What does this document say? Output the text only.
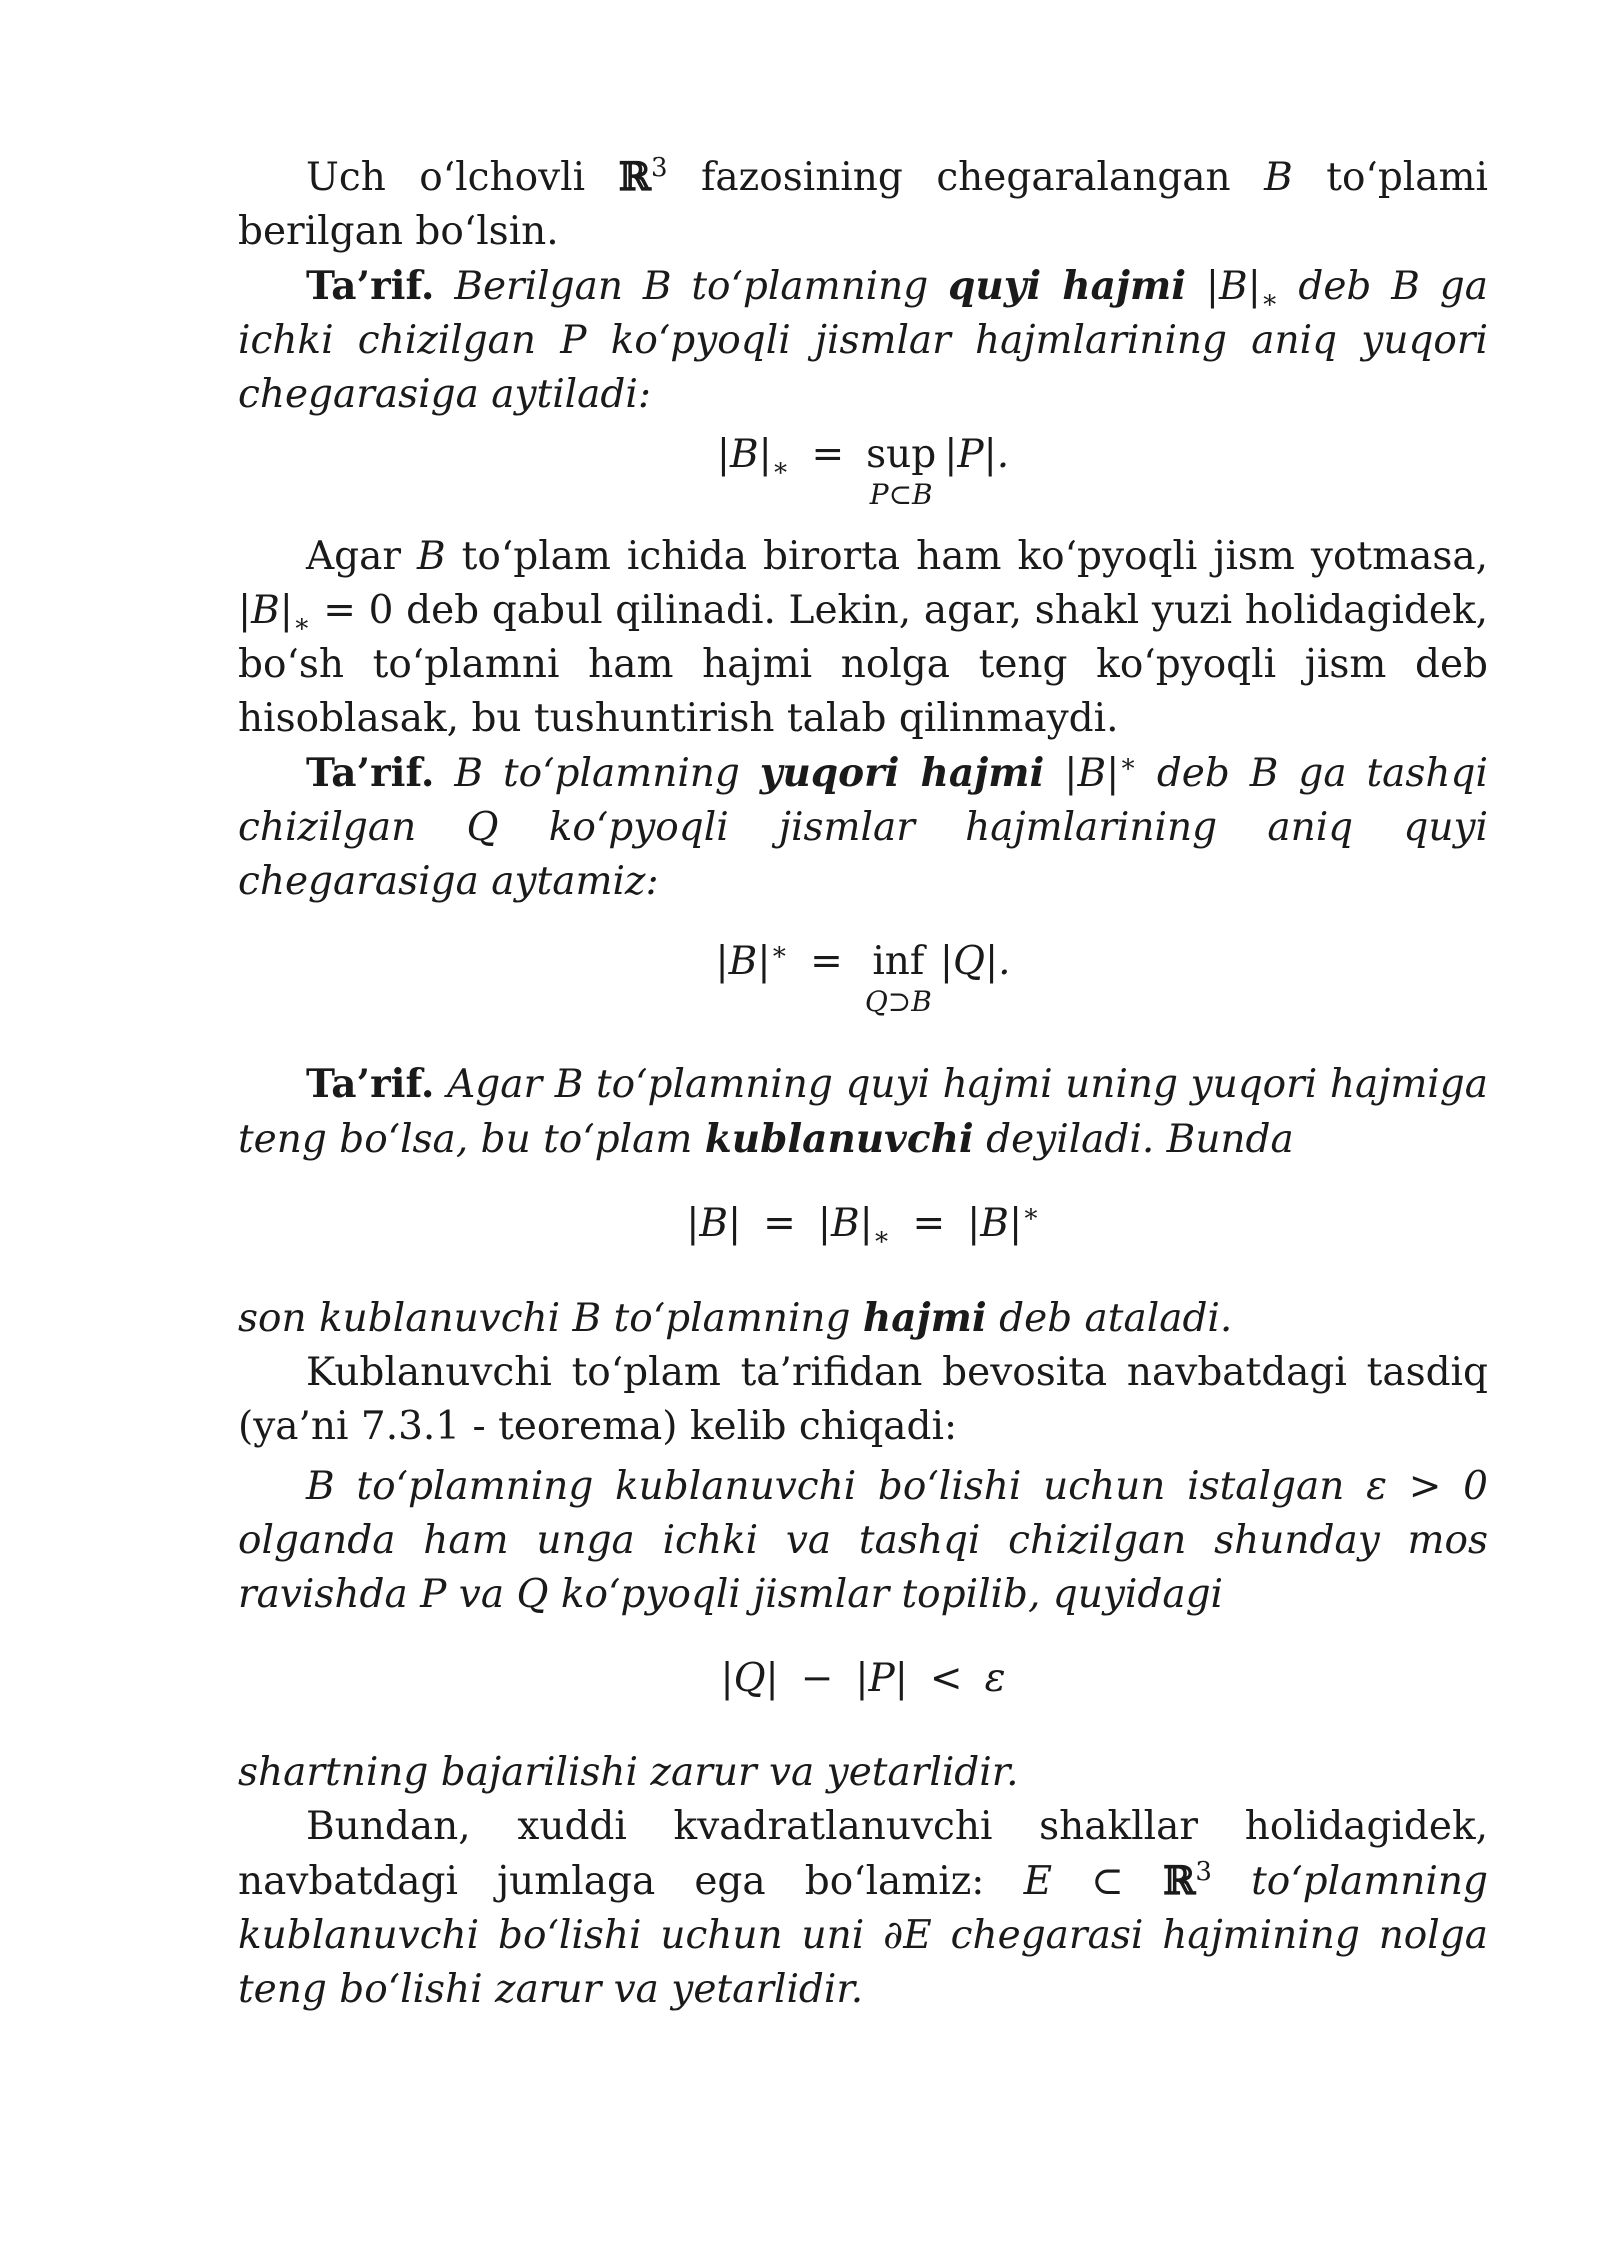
Uch o‘lchovli ℝ$^3$ fazosining chegaralangan B to‘plami berilgan bo‘lsin.

Ta’rif. Berilgan B to‘plamning quyi hajmi $|B|_∗$ deb B ga ichki chizilgan P ko‘pyoqli jismlar hajmlarining aniq yuqori chegarasiga aytiladi:

$|B|_∗$ = sup
P⊂B
|P|.

Agar B to‘plam ichida birorta ham ko‘pyoqli jism yotmasa, $|B|_∗ = 0$ deb qabul qilinadi. Lekin, agar, shakl yuzi holidagidek, bo‘sh to‘plamni ham hajmi nolga teng ko‘pyoqli jism deb hisoblasak, bu tushuntirish talab qilinmaydi.

Ta’rif. B to‘plamning yuqori hajmi |B|∗ deb B ga tashqi chizilgan Q ko‘pyoqli jismlar hajmlarining aniq quyi chegarasiga aytamiz:

|B|∗ = inf
Q⊃B
|Q|.

Ta’rif. Agar B to‘plamning quyi hajmi uning yuqori hajmiga teng bo‘lsa, bu to‘plam kublanuvchi deyiladi. Bunda

$|B| = |B|_∗ = |B|^∗$

son kublanuvchi B to‘plamning hajmi deb ataladi.

Kublanuvchi to‘plam ta’rifidan bevosita navbatdagi tasdiq (ya’ni 7.3.1 - teorema) kelib chiqadi:

B to‘plamning kublanuvchi bo‘lishi uchun istalgan ε > 0 olganda ham unga ichki va tashqi chizilgan shunday mos ravishda P va Q ko‘pyoqli jismlar topilib, quyidagi

|Q| − |P| < ε

shartning bajarilishi zarur va yetarlidir.

Bundan, xuddi kvadratlanuvchi shakllar holidagidek, navbatdagi jumlaga ega bo‘lamiz: E ⊂ ℝ$^3$ to‘plamning kublanuvchi bo‘lishi uchun uni ∂E chegarasi hajmining nolga teng bo‘lishi zarur va yetarlidir.
